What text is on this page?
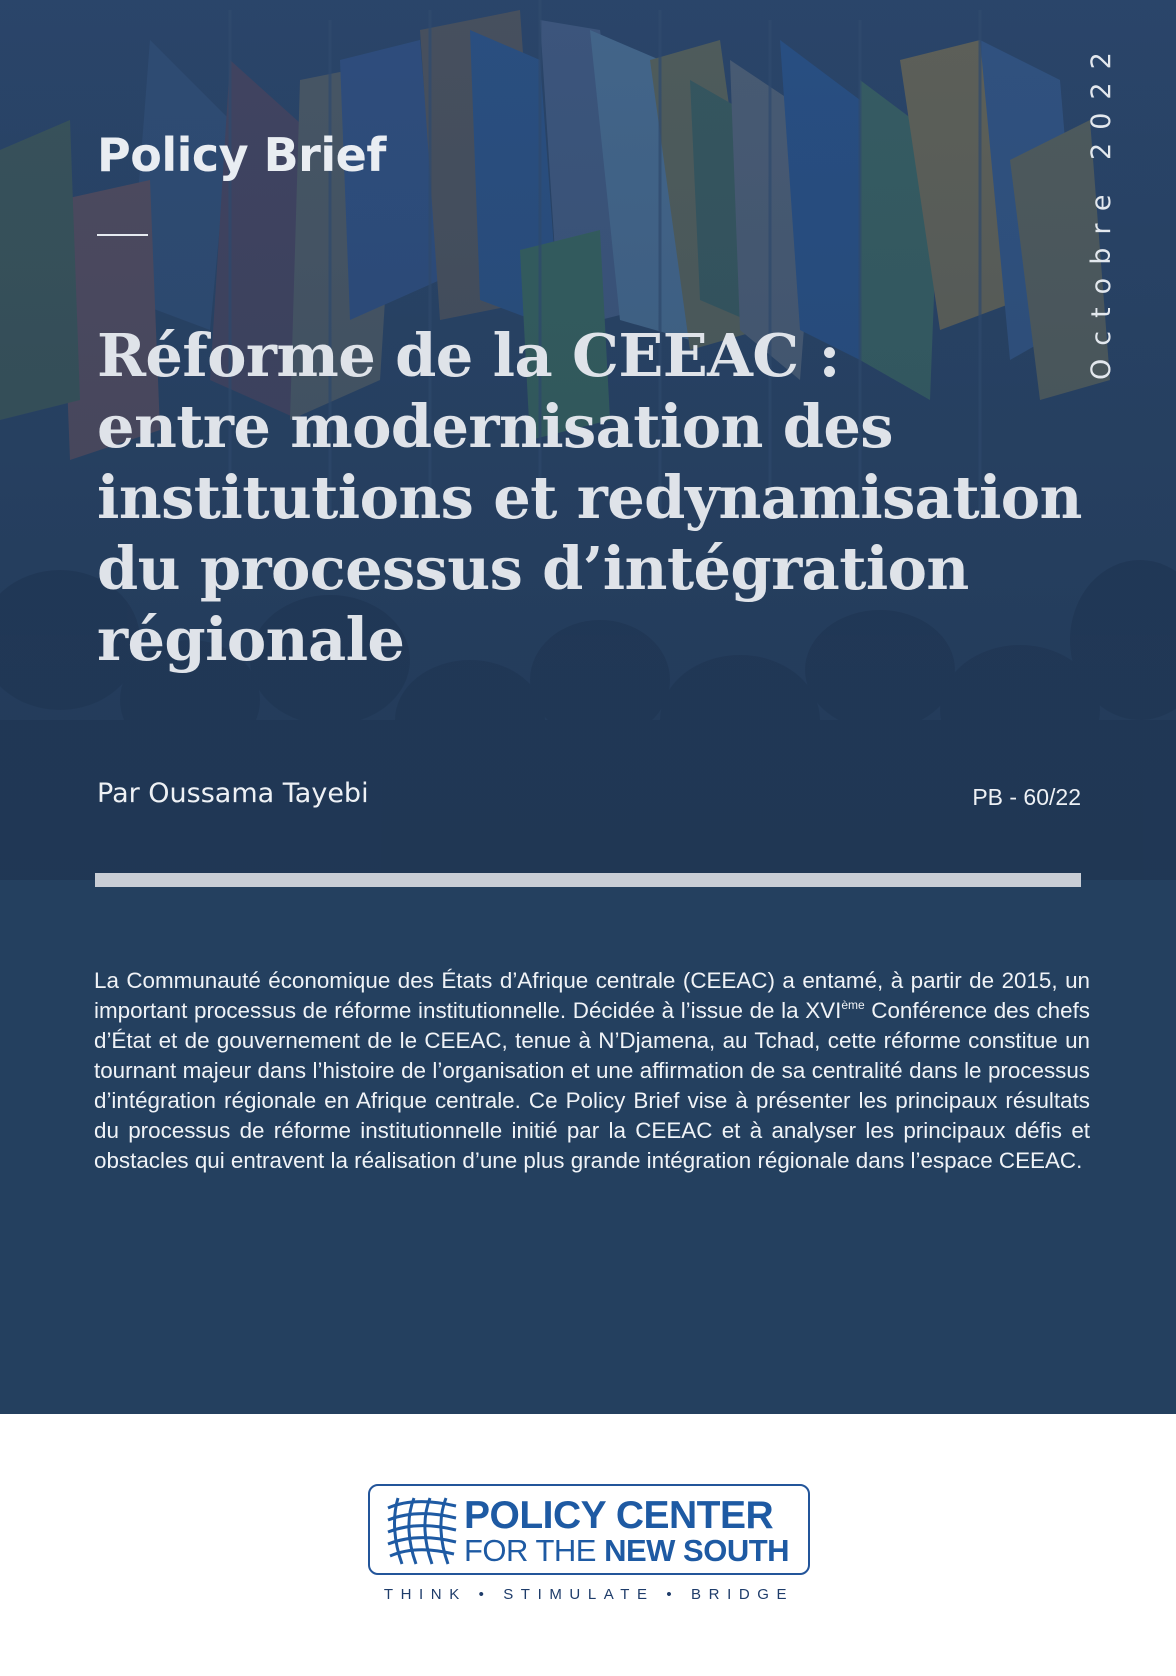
Policy Brief
Réforme de la CEEAC :
entre modernisation des
institutions et redynamisation
du processus d’intégration
régionale
Octobre 2022
Par Oussama Tayebi	PB - 60/22

La Communauté économique des États d’Afrique centrale (CEEAC) a entamé, à partir de 2015, un important processus de réforme institutionnelle. Décidée à l’issue de la XVIème Conférence des chefs d’État et de gouvernement de le CEEAC, tenue à N’Djamena, au Tchad, cette réforme constitue un tournant majeur dans l’histoire de l’organisation et une affirmation de sa centralité dans le processus d’intégration régionale en Afrique centrale. Ce Policy Brief vise à présenter les principaux résultats du processus de réforme institutionnelle initié par la CEEAC et à analyser les principaux défis et obstacles qui entravent la réalisation d’une plus grande intégration régionale dans l’espace CEEAC.

POLICY CENTER
FOR THE NEW SOUTH
THINK • STIMULATE • BRIDGE
